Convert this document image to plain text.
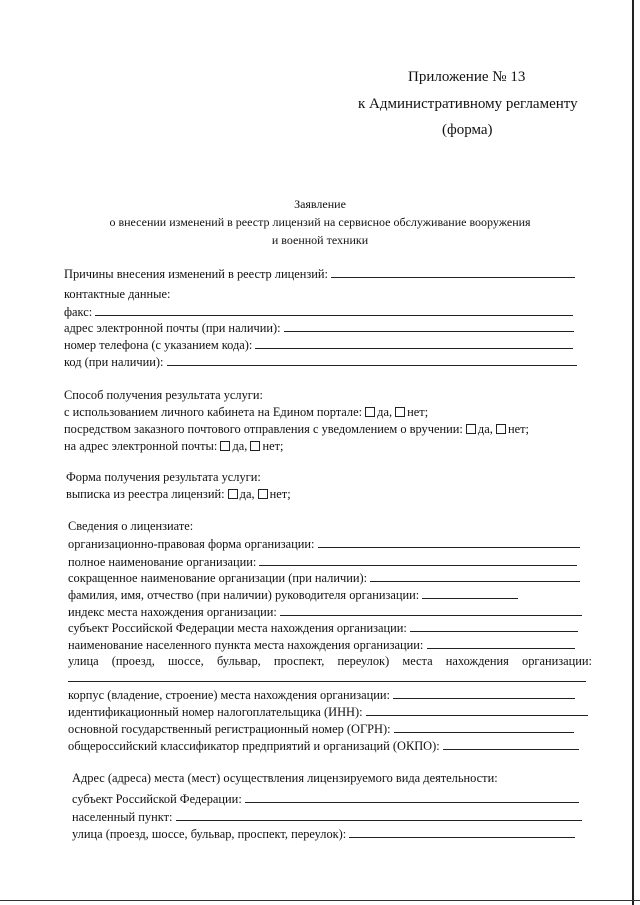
Приложение № 13
к Административному регламенту
(форма)
Заявление
о внесении изменений в реестр лицензий на сервисное обслуживание вооружения
и военной техники
Причины внесения изменений в реестр лицензий:
контактные данные:
факс:
адрес электронной почты (при наличии):
номер телефона (с указанием кода):
код (при наличии):
Способ получения результата услуги:
с использованием личного кабинета на Едином портале: да, нет;
посредством заказного почтового отправления с уведомлением о вручении: да, нет;
на адрес электронной почты: да, нет;
Форма получения результата услуги:
выписка из реестра лицензий: да, нет;
Сведения о лицензиате:
организационно-правовая форма организации:
полное наименование организации:
сокращенное наименование организации (при наличии):
фамилия, имя, отчество (при наличии) руководителя организации:
индекс места нахождения организации:
субъект Российской Федерации места нахождения организации:
наименование населенного пункта места нахождения организации:
улица (проезд, шоссе, бульвар, проспект, переулок) места нахождения организации:
корпус (владение, строение) места нахождения организации:
идентификационный номер налогоплательщика (ИНН):
основной государственный регистрационный номер (ОГРН):
общероссийский классификатор предприятий и организаций (ОКПО):
Адрес (адреса) места (мест) осуществления лицензируемого вида деятельности:
субъект Российской Федерации:
населенный пункт:
улица (проезд, шоссе, бульвар, проспект, переулок):
